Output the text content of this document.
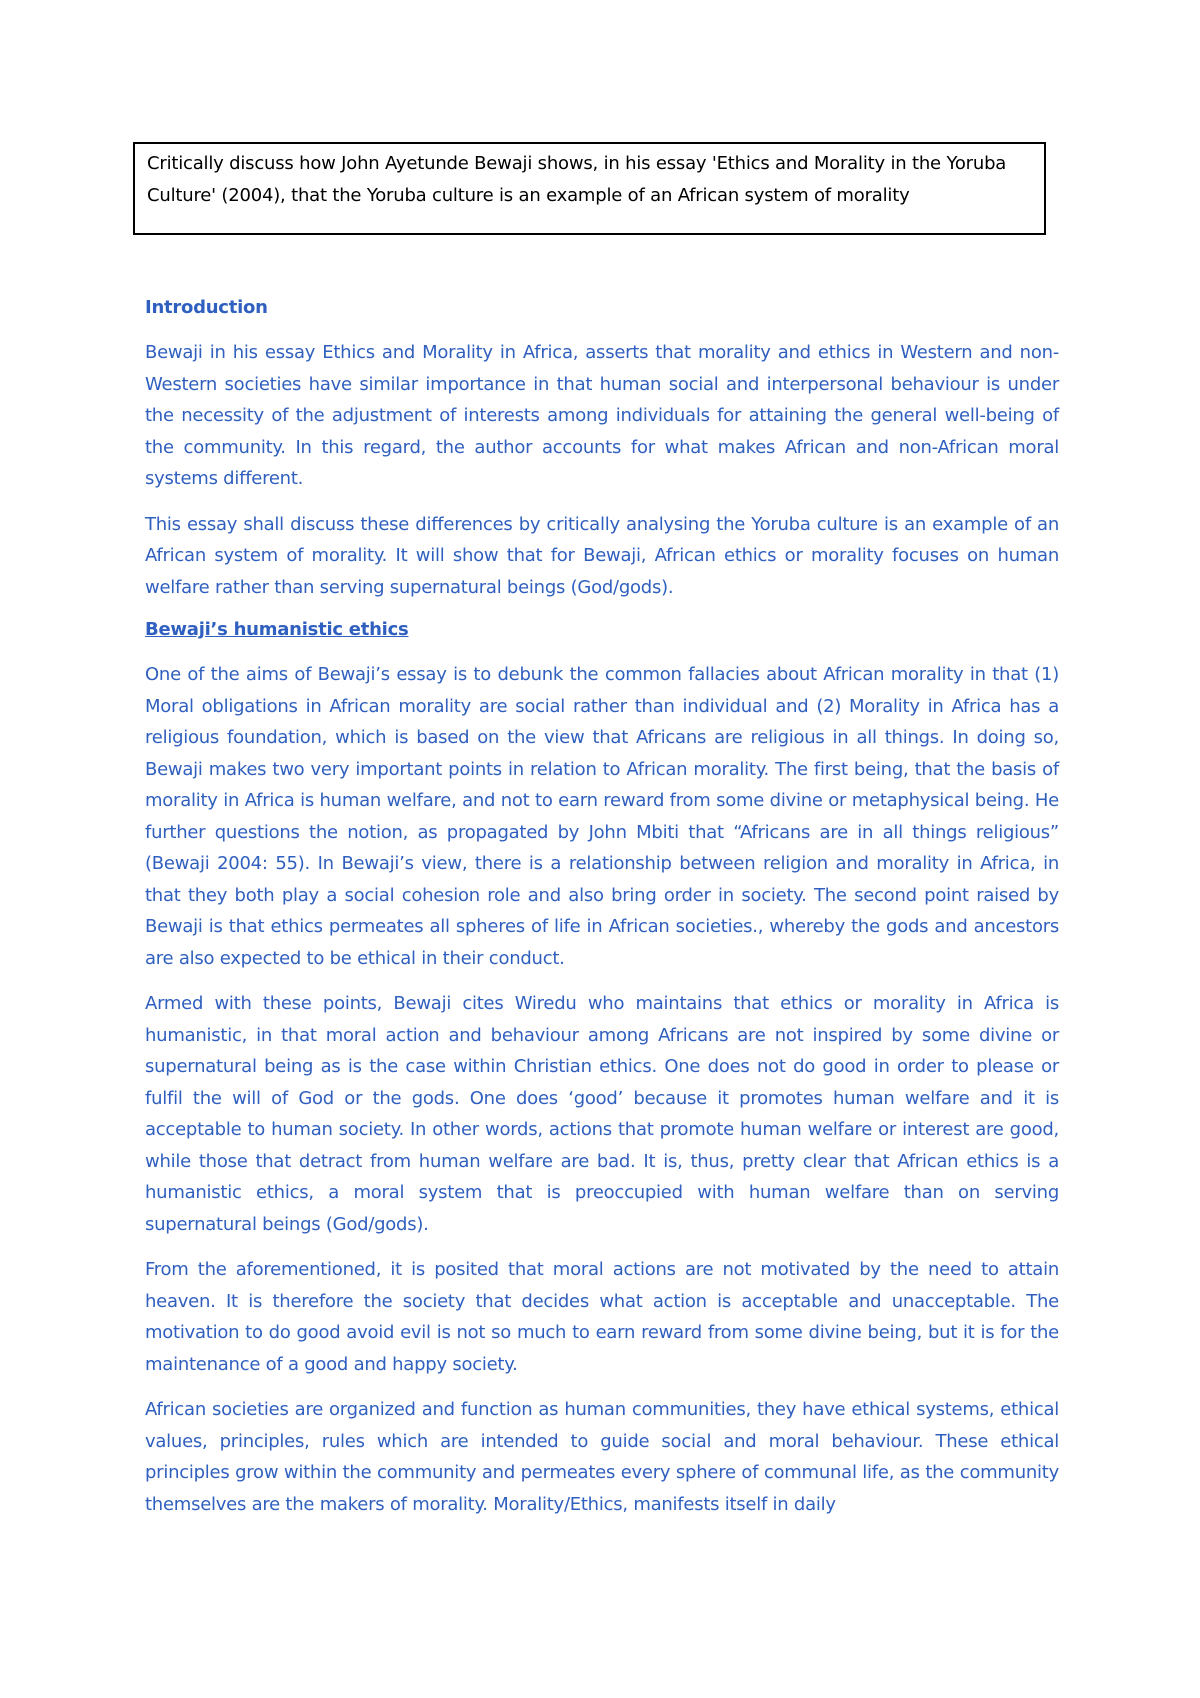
Critically discuss how John Ayetunde Bewaji shows, in his essay 'Ethics and Morality in the Yoruba Culture' (2004), that the Yoruba culture is an example of an African system of morality

Introduction

Bewaji in his essay Ethics and Morality in Africa, asserts that morality and ethics in Western and non-Western societies have similar importance in that human social and interpersonal behaviour is under the necessity of the adjustment of interests among individuals for attaining the general well-being of the community. In this regard, the author accounts for what makes African and non-African moral systems different.

This essay shall discuss these differences by critically analysing the Yoruba culture is an example of an African system of morality. It will show that for Bewaji, African ethics or morality focuses on human welfare rather than serving supernatural beings (God/gods).

Bewaji’s humanistic ethics

One of the aims of Bewaji’s essay is to debunk the common fallacies about African morality in that (1) Moral obligations in African morality are social rather than individual and (2) Morality in Africa has a religious foundation, which is based on the view that Africans are religious in all things. In doing so, Bewaji makes two very important points in relation to African morality. The first being, that the basis of morality in Africa is human welfare, and not to earn reward from some divine or metaphysical being. He further questions the notion, as propagated by John Mbiti that “Africans are in all things religious” (Bewaji 2004: 55). In Bewaji’s view, there is a relationship between religion and morality in Africa, in that they both play a social cohesion role and also bring order in society. The second point raised by Bewaji is that ethics permeates all spheres of life in African societies., whereby the gods and ancestors are also expected to be ethical in their conduct.

Armed with these points, Bewaji cites Wiredu who maintains that ethics or morality in Africa is humanistic, in that moral action and behaviour among Africans are not inspired by some divine or supernatural being as is the case within Christian ethics. One does not do good in order to please or fulfil the will of God or the gods. One does ‘good’ because it promotes human welfare and it is acceptable to human society. In other words, actions that promote human welfare or interest are good, while those that detract from human welfare are bad. It is, thus, pretty clear that African ethics is a humanistic ethics, a moral system that is preoccupied with human welfare than on serving supernatural beings (God/gods).

From the aforementioned, it is posited that moral actions are not motivated by the need to attain heaven. It is therefore the society that decides what action is acceptable and unacceptable. The motivation to do good avoid evil is not so much to earn reward from some divine being, but it is for the maintenance of a good and happy society.

African societies are organized and function as human communities, they have ethical systems, ethical values, principles, rules which are intended to guide social and moral behaviour. These ethical principles grow within the community and permeates every sphere of communal life, as the community themselves are the makers of morality. Morality/Ethics, manifests itself in daily
